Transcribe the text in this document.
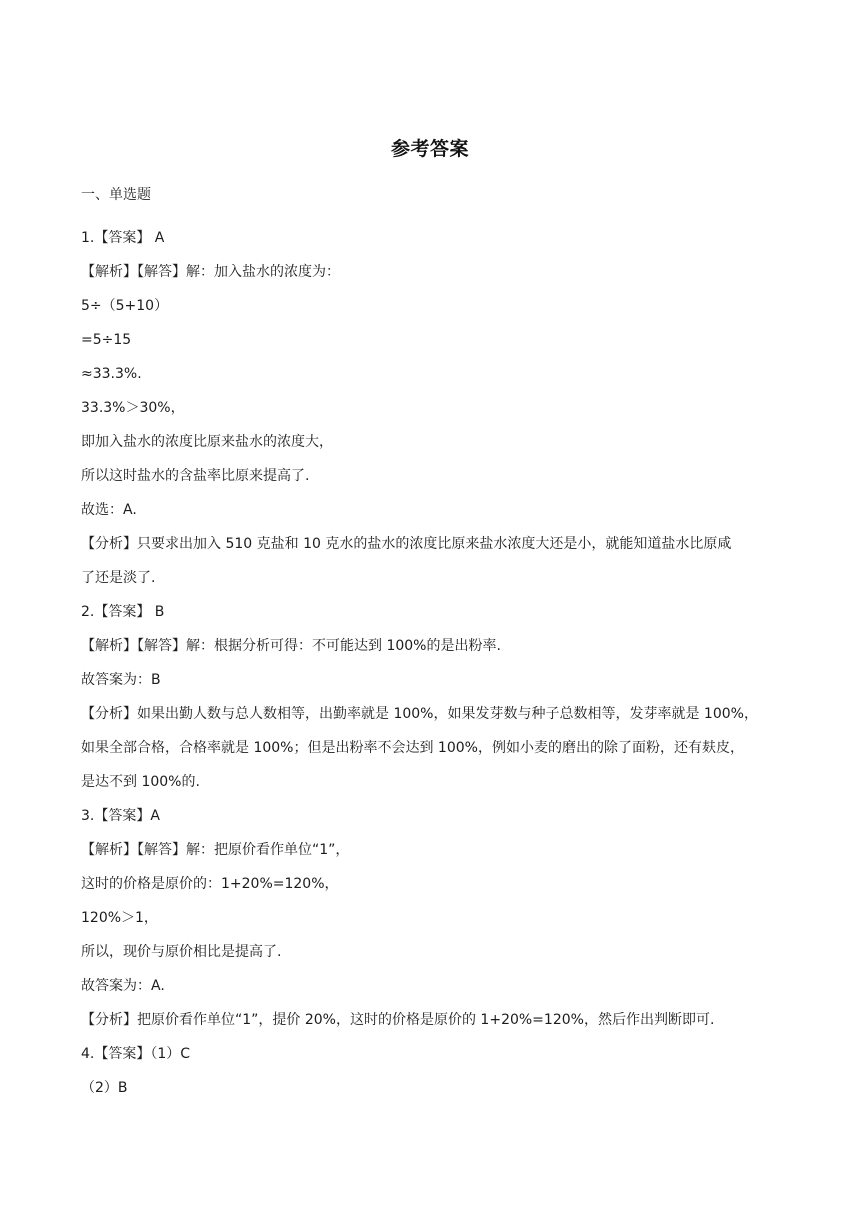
参考答案
一、单选题
1.【答案】 A
【解析】【解答】解：加入盐水的浓度为：
5÷（5+10）
=5÷15
≈33.3%.
33.3%＞30%，
即加入盐水的浓度比原来盐水的浓度大，
所以这时盐水的含盐率比原来提高了.
故选：A.
【分析】只要求出加入 510 克盐和 10 克水的盐水的浓度比原来盐水浓度大还是小，就能知道盐水比原咸
了还是淡了.
2.【答案】 B
【解析】【解答】解：根据分析可得：不可能达到 100%的是出粉率.
故答案为：B
【分析】如果出勤人数与总人数相等，出勤率就是 100%，如果发芽数与种子总数相等，发芽率就是 100%，
如果全部合格，合格率就是 100%；但是出粉率不会达到 100%，例如小麦的磨出的除了面粉，还有麸皮，
是达不到 100%的.
3.【答案】A
【解析】【解答】解：把原价看作单位“1”，
这时的价格是原价的：1+20%=120%，
120%＞1，
所以，现价与原价相比是提高了.
故答案为：A.
【分析】把原价看作单位“1”，提价 20%，这时的价格是原价的 1+20%=120%，然后作出判断即可.
4.【答案】（1）C
（2）B
